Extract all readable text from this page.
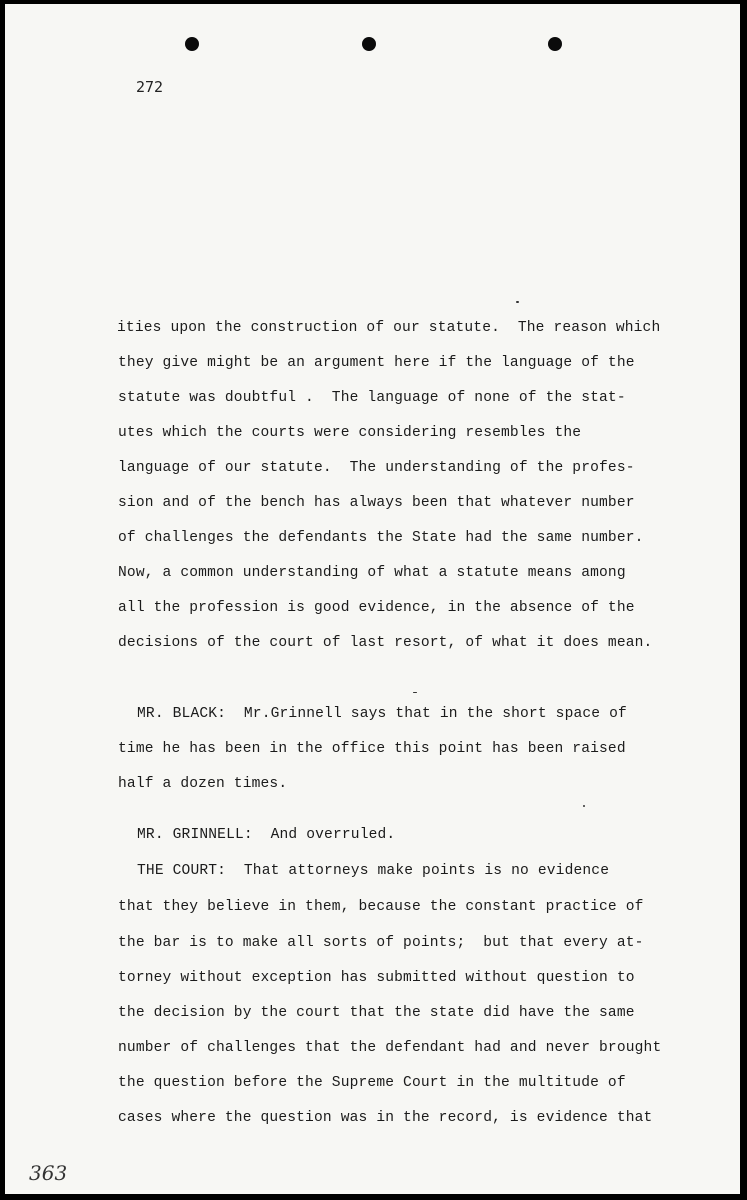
272
ities upon the construction of our statute.  The reason which
they give might be an argument here if the language of the
statute was doubtful .  The language of none of the stat-
utes which the courts were considering resembles the
language of our statute.  The understanding of the profes-
sion and of the bench has always been that whatever number
of challenges the defendants the State had the same number.
Now, a common understanding of what a statute means among
all the profession is good evidence, in the absence of the
decisions of the court of last resort, of what it does mean.
MR. BLACK:  Mr.Grinnell says that in the short space of
time he has been in the office this point has been raised
half a dozen times.
MR. GRINNELL:  And overruled.
THE COURT:  That attorneys make points is no evidence
that they believe in them, because the constant practice of
the bar is to make all sorts of points;  but that every at-
torney without exception has submitted without question to
the decision by the court that the state did have the same
number of challenges that the defendant had and never brought
the question before the Supreme Court in the multitude of
cases where the question was in the record, is evidence that
363
